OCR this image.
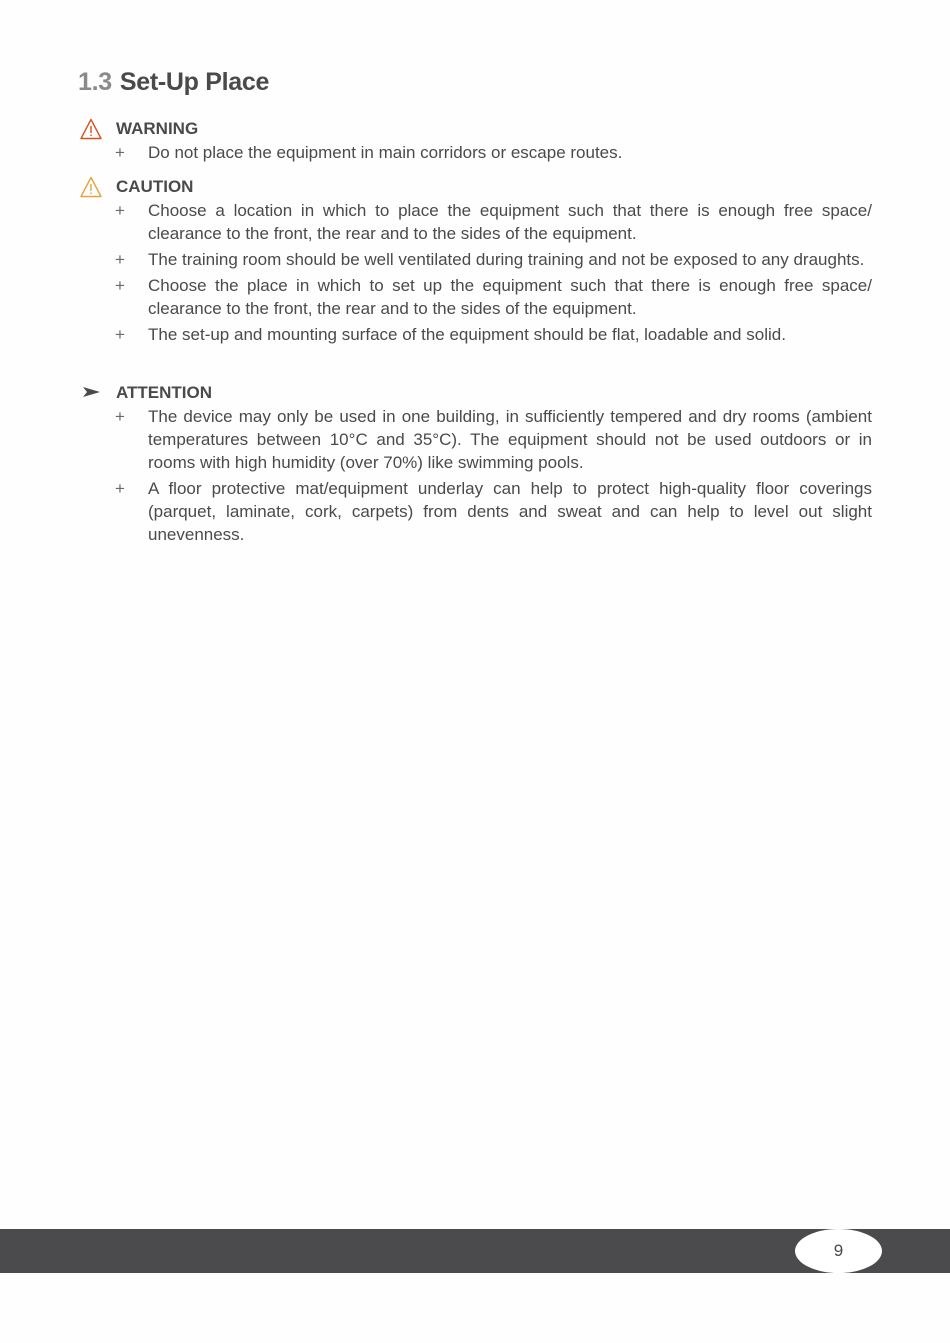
1.3 Set-Up Place
WARNING
+ Do not place the equipment in main corridors or escape routes.
CAUTION
+ Choose a location in which to place the equipment such that there is enough free space/ clearance to the front, the rear and to the sides of the equipment.
+ The training room should be well ventilated during training and not be exposed to any draughts.
+ Choose the place in which to set up the equipment such that there is enough free space/ clearance to the front, the rear and to the sides of the equipment.
+ The set-up and mounting surface of the equipment should be flat, loadable and solid.
ATTENTION
+ The device may only be used in one building, in sufficiently tempered and dry rooms (ambient temperatures between 10°C and 35°C). The equipment should not be used outdoors or in rooms with high humidity (over 70%) like swimming pools.
+ A floor protective mat/equipment underlay can help to protect high-quality floor coverings (parquet, laminate, cork, carpets) from dents and sweat and can help to level out slight unevenness.
9
